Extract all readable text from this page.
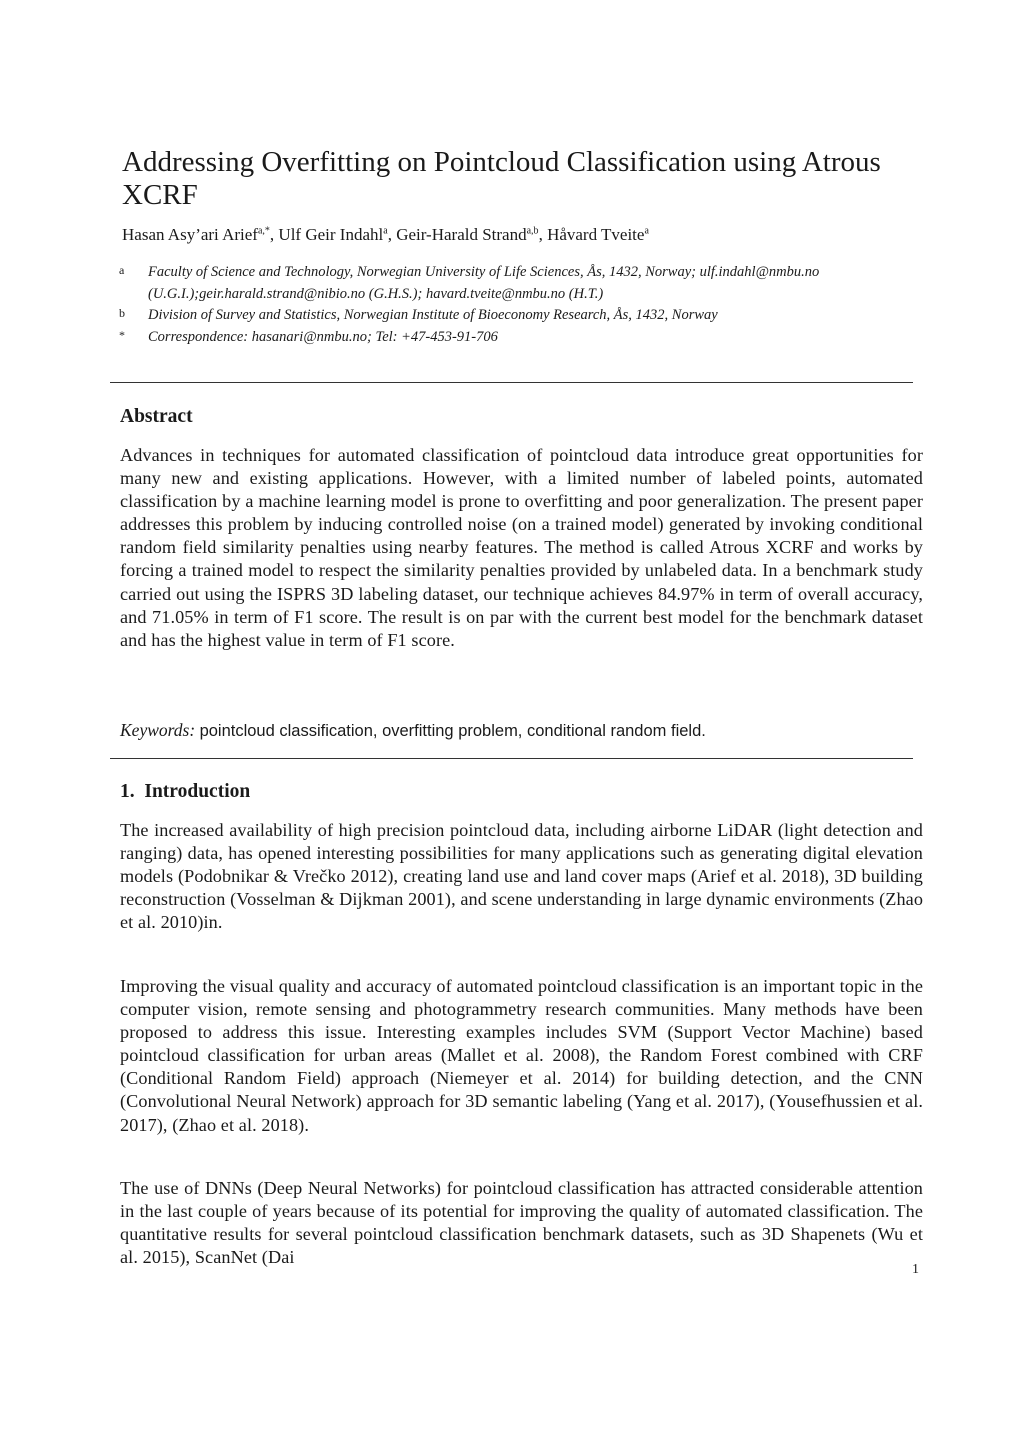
Addressing Overfitting on Pointcloud Classification using Atrous XCRF
Hasan Asy’ari Arief$^{a,*}$, Ulf Geir Indahl$^a$, Geir-Harald Strand$^{a,b}$, Håvard Tveite$^a$
a Faculty of Science and Technology, Norwegian University of Life Sciences, Ås, 1432, Norway; ulf.indahl@nmbu.no (U.G.I.);geir.harald.strand@nibio.no (G.H.S.); havard.tveite@nmbu.no (H.T.)
b Division of Survey and Statistics, Norwegian Institute of Bioeconomy Research, Ås, 1432, Norway
* Correspondence: hasanari@nmbu.no; Tel: +47-453-91-706
Abstract

Advances in techniques for automated classification of pointcloud data introduce great opportunities for many new and existing applications. However, with a limited number of labeled points, automated classification by a machine learning model is prone to overfitting and poor generalization. The present paper addresses this problem by inducing controlled noise (on a trained model) generated by invoking conditional random field similarity penalties using nearby features. The method is called Atrous XCRF and works by forcing a trained model to respect the similarity penalties provided by unlabeled data. In a benchmark study carried out using the ISPRS 3D labeling dataset, our technique achieves 84.97% in term of overall accuracy, and 71.05% in term of F1 score. The result is on par with the current best model for the benchmark dataset and has the highest value in term of F1 score.

Keywords: pointcloud classification, overfitting problem, conditional random field.
1. Introduction

The increased availability of high precision pointcloud data, including airborne LiDAR (light detection and ranging) data, has opened interesting possibilities for many applications such as generating digital elevation models (Podobnikar & Vrečko 2012), creating land use and land cover maps (Arief et al. 2018), 3D building reconstruction (Vosselman & Dijkman 2001), and scene understanding in large dynamic environments (Zhao et al. 2010)in.

Improving the visual quality and accuracy of automated pointcloud classification is an important topic in the computer vision, remote sensing and photogrammetry research communities. Many methods have been proposed to address this issue. Interesting examples includes SVM (Support Vector Machine) based pointcloud classification for urban areas (Mallet et al. 2008), the Random Forest combined with CRF (Conditional Random Field) approach (Niemeyer et al. 2014) for building detection, and the CNN (Convolutional Neural Network) approach for 3D semantic labeling (Yang et al. 2017), (Yousefhussien et al. 2017), (Zhao et al. 2018).

The use of DNNs (Deep Neural Networks) for pointcloud classification has attracted considerable attention in the last couple of years because of its potential for improving the quality of automated classification. The quantitative results for several pointcloud classification benchmark datasets, such as 3D Shapenets (Wu et al. 2015), ScanNet (Dai

1
